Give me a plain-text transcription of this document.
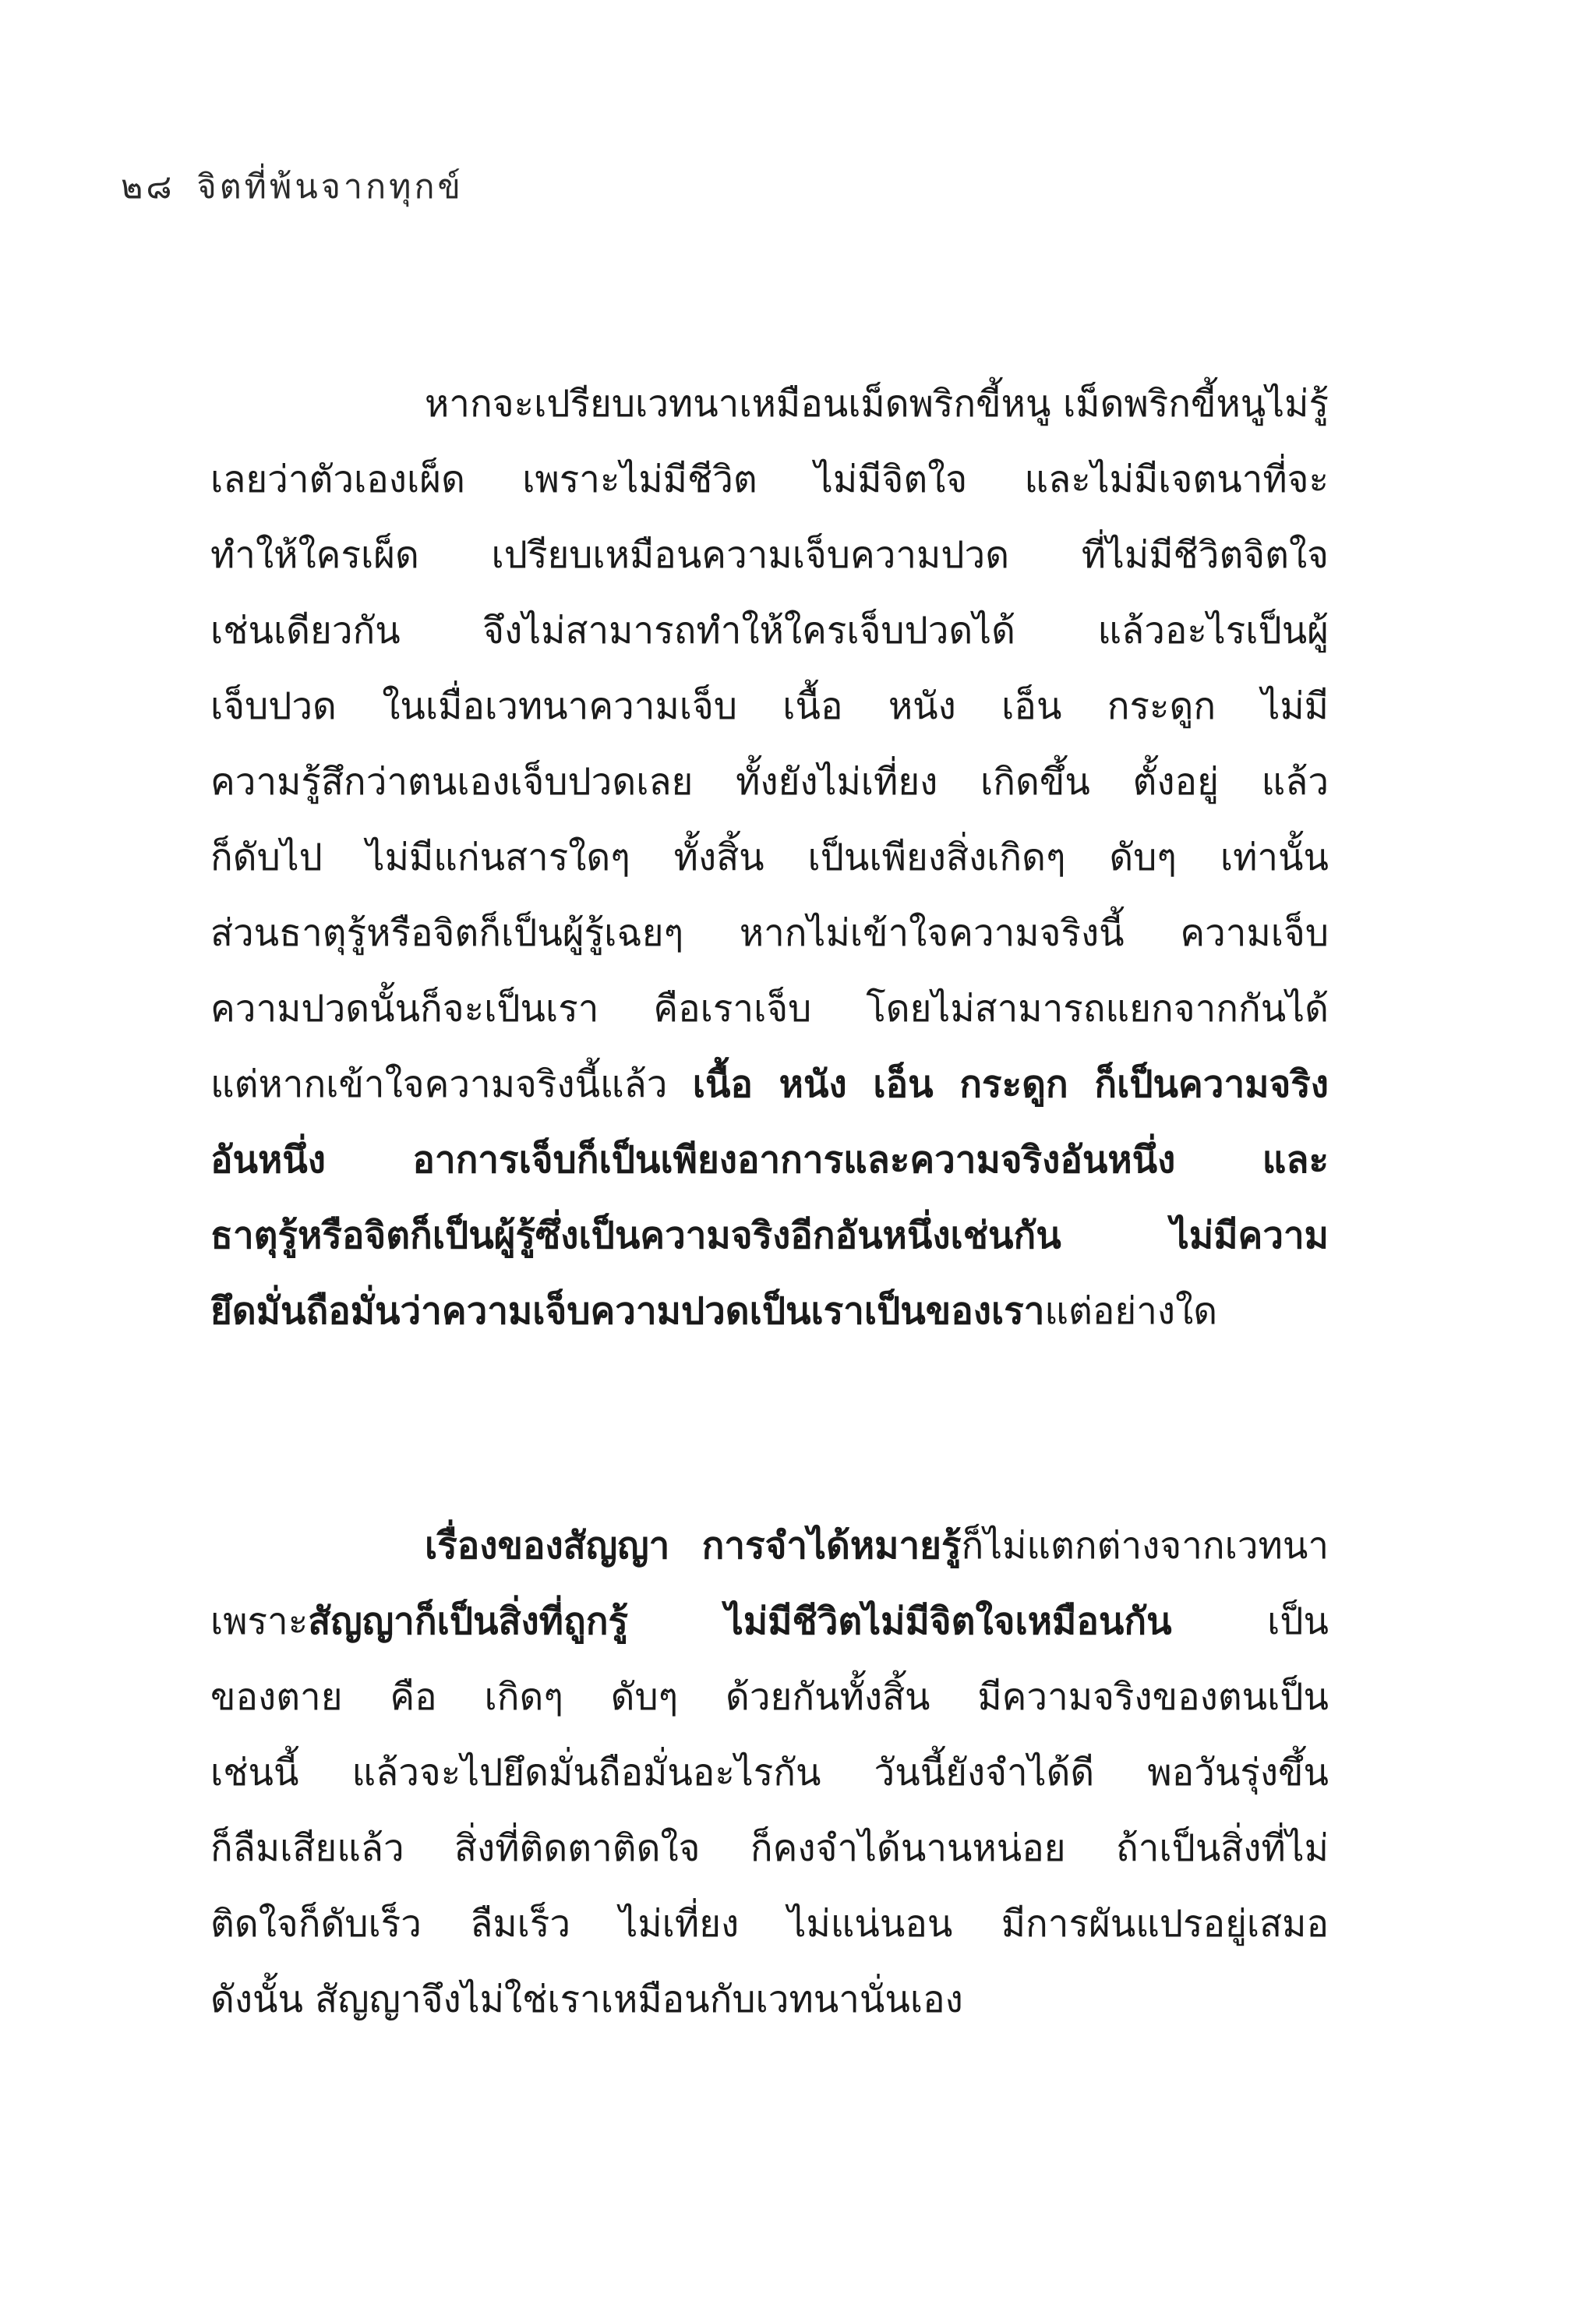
๒๘ จิตที่พ้นจากทุกข์
หากจะเปรียบเวทนาเหมือนเม็ดพริกขี้หนู เม็ดพริกขี้หนูไม่รู้
เลยว่าตัวเองเผ็ด เพราะไม่มีชีวิต ไม่มีจิตใจ และไม่มีเจตนาที่จะ
ทำให้ใครเผ็ด เปรียบเหมือนความเจ็บความปวด ที่ไม่มีชีวิตจิตใจ
เช่นเดียวกัน จึงไม่สามารถทำให้ใครเจ็บปวดได้ แล้วอะไรเป็นผู้
เจ็บปวด ในเมื่อเวทนาความเจ็บ เนื้อ หนัง เอ็น กระดูก ไม่มี
ความรู้สึกว่าตนเองเจ็บปวดเลย ทั้งยังไม่เที่ยง เกิดขึ้น ตั้งอยู่ แล้ว
ก็ดับไป ไม่มีแก่นสารใดๆ ทั้งสิ้น เป็นเพียงสิ่งเกิดๆ ดับๆ เท่านั้น
ส่วนธาตุรู้หรือจิตก็เป็นผู้รู้เฉยๆ หากไม่เข้าใจความจริงนี้ ความเจ็บ
ความปวดนั้นก็จะเป็นเรา คือเราเจ็บ โดยไม่สามารถแยกจากกันได้
แต่หากเข้าใจความจริงนี้แล้ว เนื้อ หนัง เอ็น กระดูก ก็เป็นความจริง
อันหนึ่ง อาการเจ็บก็เป็นเพียงอาการและความจริงอันหนึ่ง และ
ธาตุรู้หรือจิตก็เป็นผู้รู้ซึ่งเป็นความจริงอีกอันหนึ่งเช่นกัน ไม่มีความ
ยึดมั่นถือมั่นว่าความเจ็บความปวดเป็นเราเป็นของเราแต่อย่างใด
เรื่องของสัญญา การจำได้หมายรู้ก็ไม่แตกต่างจากเวทนา
เพราะสัญญาก็เป็นสิ่งที่ถูกรู้ ไม่มีชีวิตไม่มีจิตใจเหมือนกัน เป็น
ของตาย คือ เกิดๆ ดับๆ ด้วยกันทั้งสิ้น มีความจริงของตนเป็น
เช่นนี้ แล้วจะไปยึดมั่นถือมั่นอะไรกัน วันนี้ยังจำได้ดี พอวันรุ่งขึ้น
ก็ลืมเสียแล้ว สิ่งที่ติดตาติดใจ ก็คงจำได้นานหน่อย ถ้าเป็นสิ่งที่ไม่
ติดใจก็ดับเร็ว ลืมเร็ว ไม่เที่ยง ไม่แน่นอน มีการผันแปรอยู่เสมอ
ดังนั้น สัญญาจึงไม่ใช่เราเหมือนกับเวทนานั่นเอง
